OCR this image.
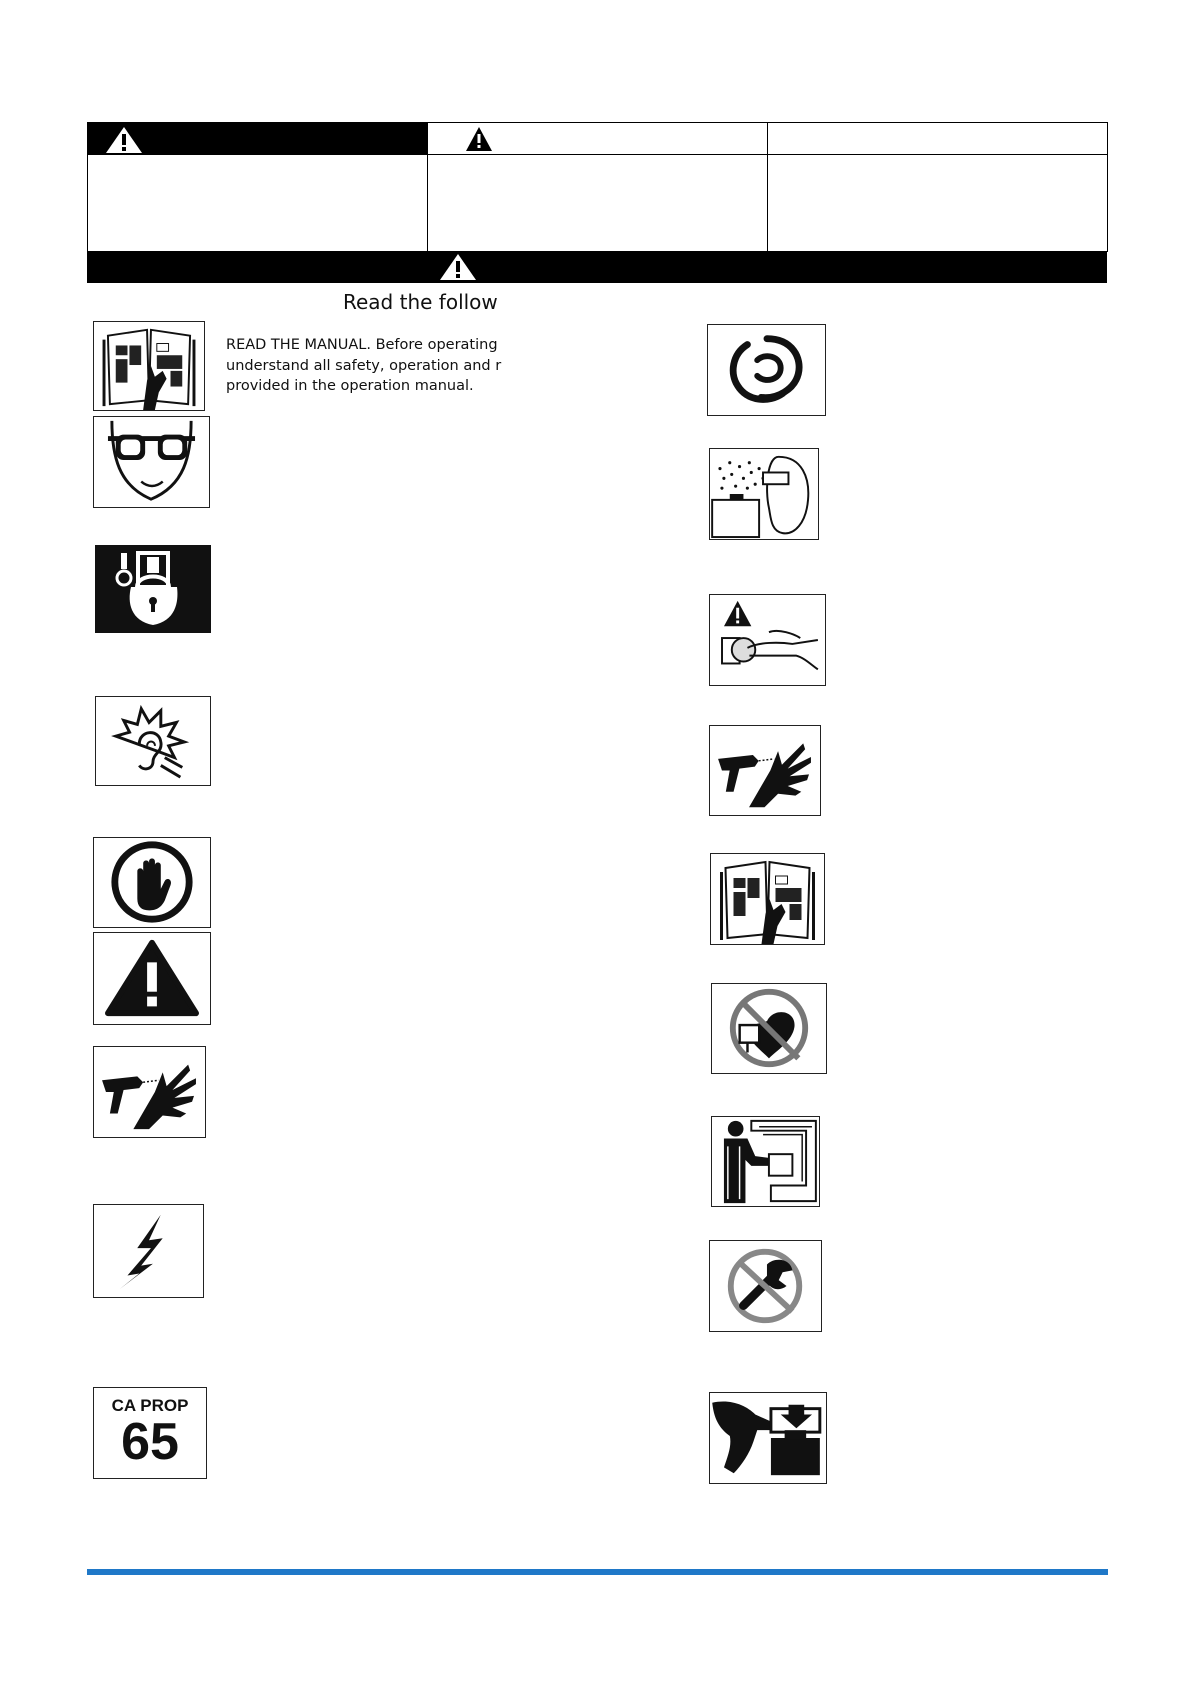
Read the follow
READ THE MANUAL. Before operating
understand all safety, operation and r
provided in the operation manual.
CA PROP
65
